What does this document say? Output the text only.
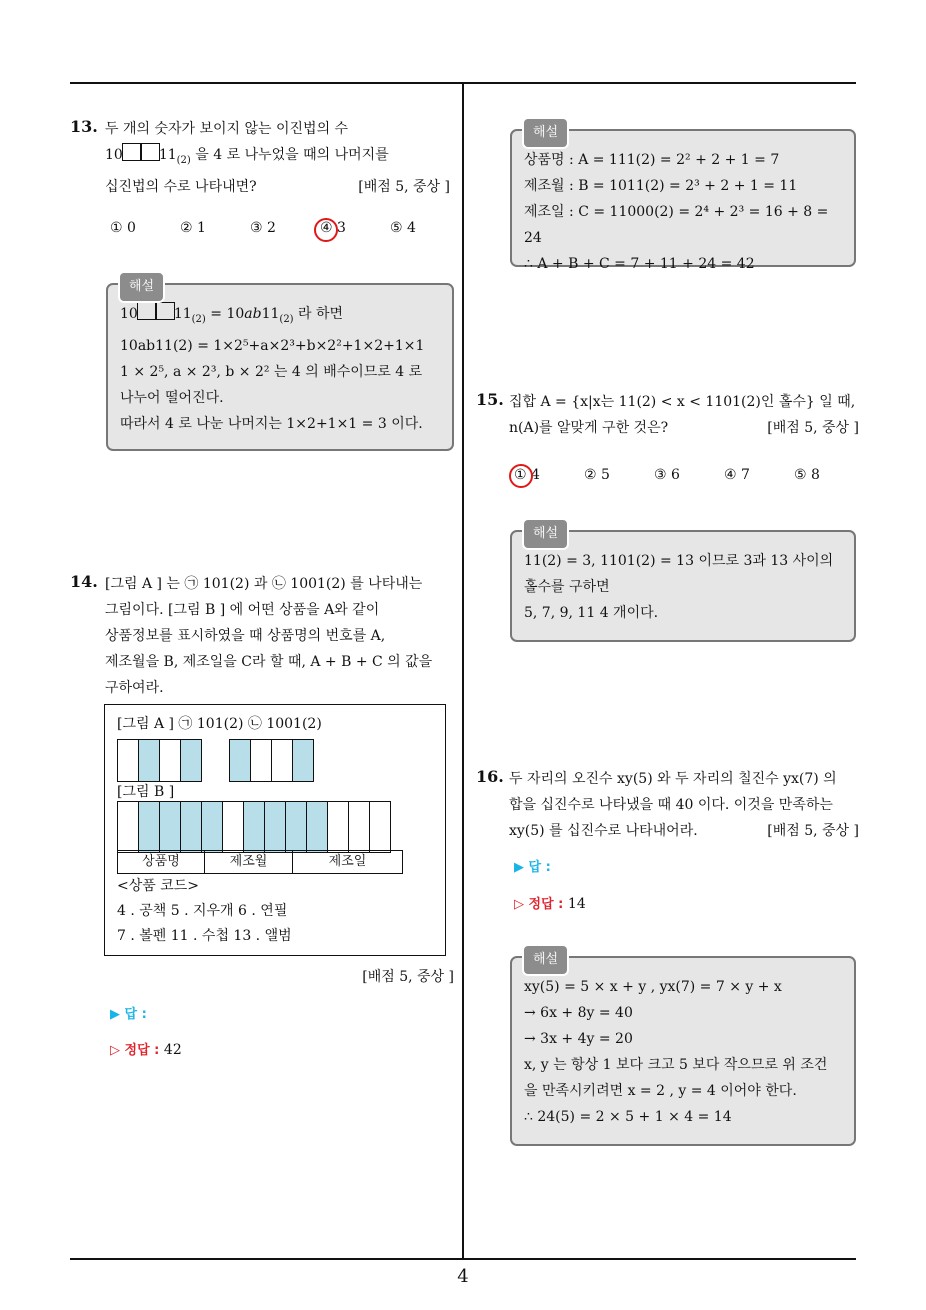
4
13. 두 개의 숫자가 보이지 않는 이진법의 수
10	$11_{(2)}$ 을 4 로 나누었을 때의 나머지를
십진법의 수로 나타내면?	[배점 5, 중상 ]
① 0	② 1	③ 2	④ 3	⑤ 4
해설
10	$11_{(2)} = 10ab11_{(2)}$ 라 하면
10ab11(2) = 1×2⁵+a×2³+b×2²+1×2+1×1
1 × 2⁵, a × 2³, b × 2² 는 4 의 배수이므로 4 로
나누어 떨어진다.
따라서 4 로 나눈 나머지는 1×2+1×1 = 3 이다.
14. [그림 A ] 는 ㉠ 101(2) 과 ㉡ 1001(2) 를 나타내는
그림이다. [그림 B ] 에 어떤 상품을 A와 같이
상품정보를 표시하였을 때 상품명의 번호를 A,
제조월을 B, 제조일을 C라 할 때, A + B + C 의 값을
구하여라.
[그림 A ] ㉠ 101(2) ㉡ 1001(2)
[그림 B ]
상품명	제조월	제조일
<상품 코드>
4 . 공책 5 . 지우개 6 . 연필
7 . 볼펜 11 . 수첩 13 . 앨범
[배점 5, 중상 ]
▶ 답 :
▷ 정답 : 42
해설
상품명 : A = 111(2) = 2² + 2 + 1 = 7
제조월 : B = 1011(2) = 2³ + 2 + 1 = 11
제조일 : C = 11000(2) = 2⁴ + 2³ = 16 + 8 = 24
∴ A + B + C = 7 + 11 + 24 = 42
15. 집합 A = {x|x는 11(2) < x < 1101(2)인 홀수} 일 때,
n(A)를 알맞게 구한 것은?	[배점 5, 중상 ]
① 4	② 5	③ 6	④ 7	⑤ 8
해설
11(2) = 3, 1101(2) = 13 이므로 3과 13 사이의
홀수를 구하면
5, 7, 9, 11 4 개이다.
16. 두 자리의 오진수 xy(5) 와 두 자리의 칠진수 yx(7) 의
합을 십진수로 나타냈을 때 40 이다. 이것을 만족하는
xy(5) 를 십진수로 나타내어라.	[배점 5, 중상 ]
▶ 답 :
▷ 정답 : 14
해설
xy(5) = 5 × x + y , yx(7) = 7 × y + x
→ 6x + 8y = 40
→ 3x + 4y = 20
x, y 는 항상 1 보다 크고 5 보다 작으므로 위 조건
을 만족시키려면 x = 2 , y = 4 이어야 한다.
∴ 24(5) = 2 × 5 + 1 × 4 = 14
